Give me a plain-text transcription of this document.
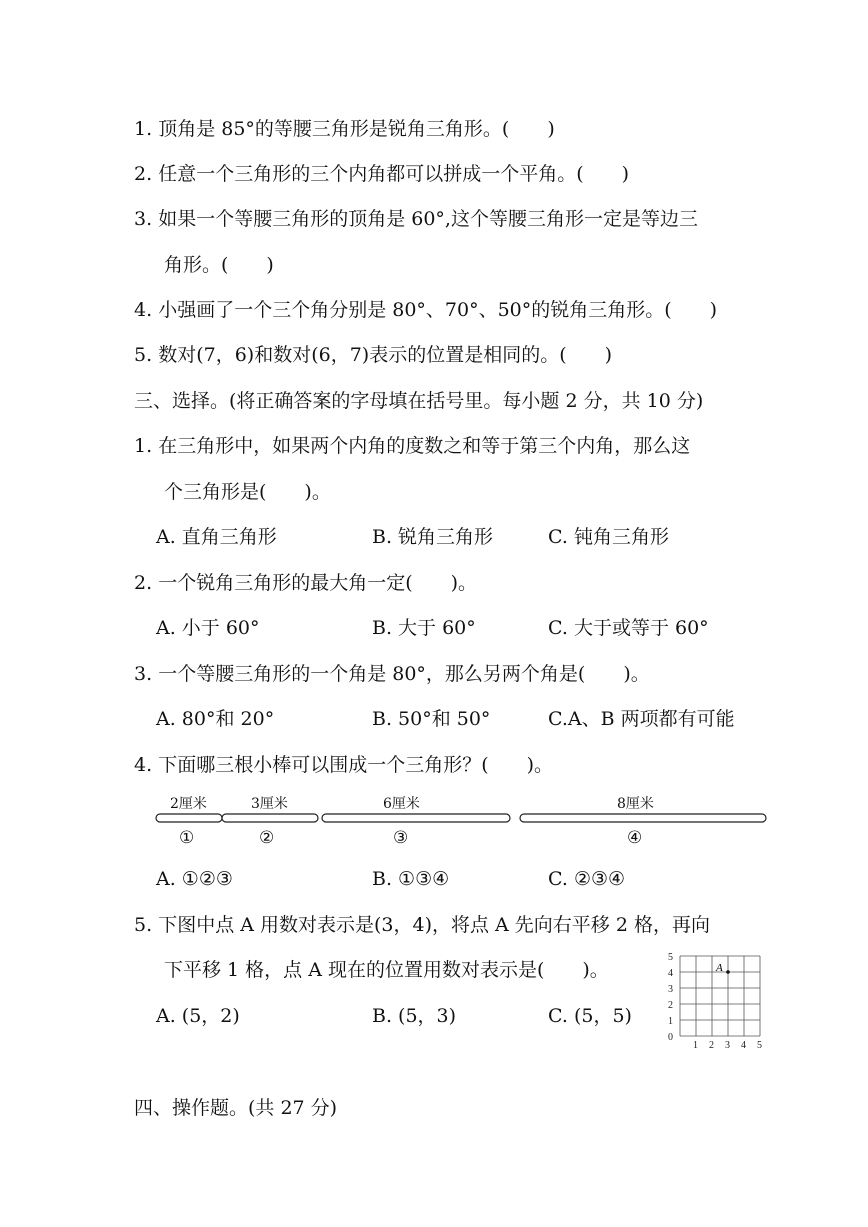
1. 顶角是 85°的等腰三角形是锐角三角形。(　　)
2. 任意一个三角形的三个内角都可以拼成一个平角。(　　)
3. 如果一个等腰三角形的顶角是 60°,这个等腰三角形一定是等边三
角形。(　　)
4. 小强画了一个三个角分别是 80°、70°、50°的锐角三角形。(　　)
5. 数对(7，6)和数对(6，7)表示的位置是相同的。(　　)
三、选择。(将正确答案的字母填在括号里。每小题 2 分，共 10 分)
1. 在三角形中，如果两个内角的度数之和等于第三个内角，那么这
个三角形是(　　)。
A. 直角三角形	B. 锐角三角形	C. 钝角三角形
2. 一个锐角三角形的最大角一定(　　)。
A. 小于 60°	B. 大于 60°	C. 大于或等于 60°
3. 一个等腰三角形的一个角是 80°，那么另两个角是(　　)。
A. 80°和 20°	B. 50°和 50°	C.A、B 两项都有可能
4. 下面哪三根小棒可以围成一个三角形？(　　)。
2厘米	3厘米	6厘米	8厘米
①	②	③	④
A. ①②③	B. ①③④	C. ②③④
5. 下图中点 A 用数对表示是(3，4)，将点 A 先向右平移 2 格，再向
下平移 1 格，点 A 现在的位置用数对表示是(　　)。
A. (5，2)	B. (5，3)	C. (5，5)
1 2 3 4 5
0
1
2
3
4
5
A
四、操作题。(共 27 分)
